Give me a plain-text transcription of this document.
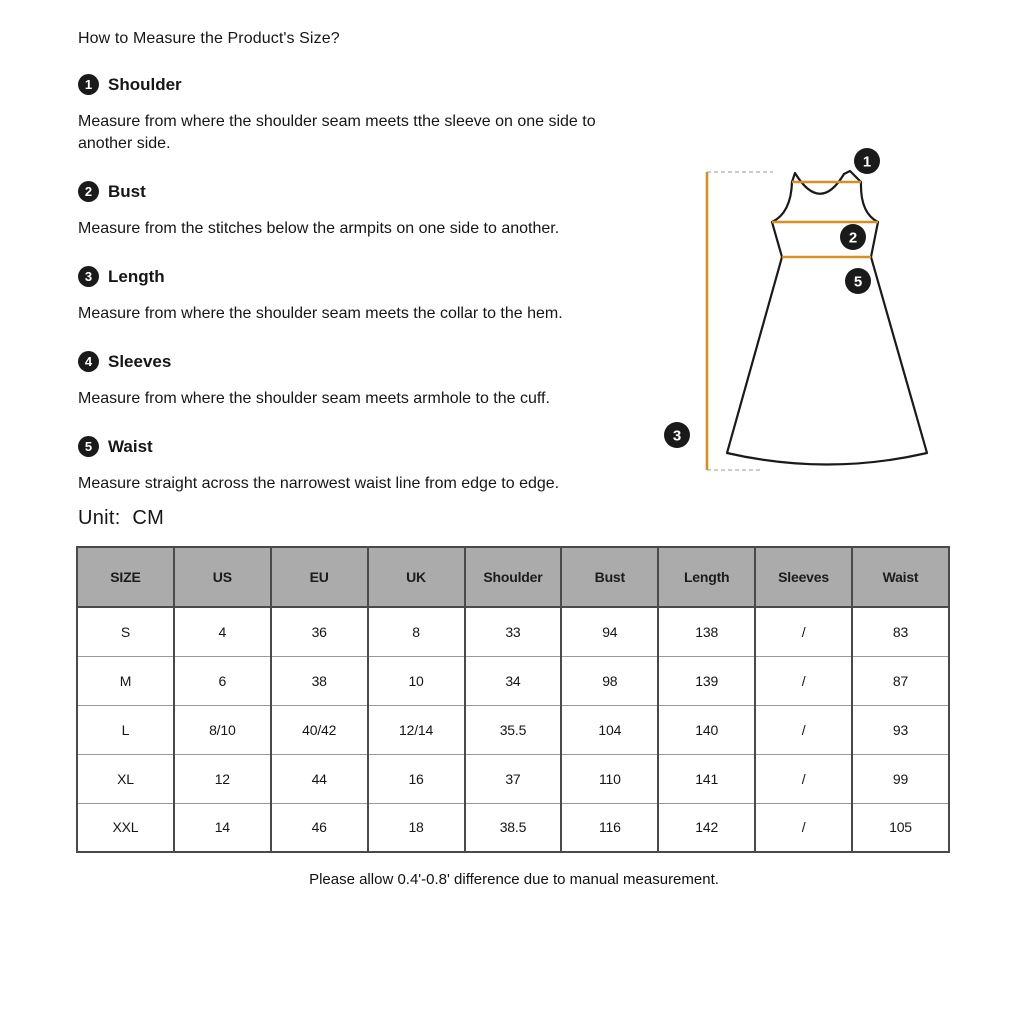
How to Measure the Product's Size?
1 Shoulder

Measure from where the shoulder seam meets tthe sleeve on one side to another side.

2 Bust

Measure from the stitches below the armpits on one side to another.

3 Length

Measure from where the shoulder seam meets the collar to the hem.

4 Sleeves

Measure from where the shoulder seam meets armhole to the cuff.

5 Waist

Measure straight across the narrowest waist line from edge to edge.

Unit:  CM
1
2
5
3
SIZE	US	EU	UK	Shoulder	Bust	Length	Sleeves	Waist
S	4	36	8	33	94	138	/	83
M	6	38	10	34	98	139	/	87
L	8/10	40/42	12/14	35.5	104	140	/	93
XL	12	44	16	37	110	141	/	99
XXL	14	46	18	38.5	116	142	/	105
Please allow 0.4'-0.8' difference due to manual measurement.
